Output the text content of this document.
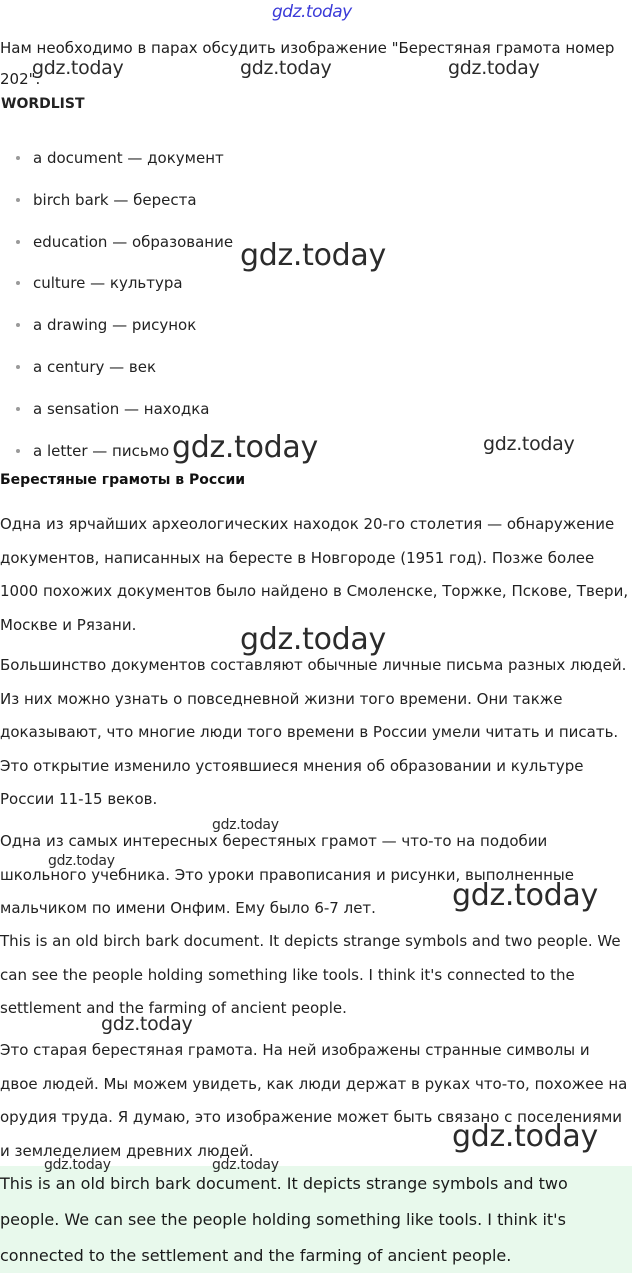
gdz.today
Нам необходимо в парах обсудить изображение "Берестяная грамота номер 202".
WORDLIST
a document — документ
birch bark — береста
education — образование
culture — культура
a drawing — рисунок
a century — век
a sensation — находка
a letter — письмо
Берестяные грамоты в России
Одна из ярчайших археологических находок 20-го столетия — обнаружение документов, написанных на бересте в Новгороде (1951 год). Позже более 1000 похожих документов было найдено в Смоленске, Торжке, Пскове, Твери, Москве и Рязани.
Большинство документов составляют обычные личные письма разных людей. Из них можно узнать о повседневной жизни того времени. Они также доказывают, что многие люди того времени в России умели читать и писать. Это открытие изменило устоявшиеся мнения об образовании и культуре России 11-15 веков.
Одна из самых интересных берестяных грамот — что-то на подобии школьного учебника. Это уроки правописания и рисунки, выполненные мальчиком по имени Онфим. Ему было 6-7 лет.
This is an old birch bark document. It depicts strange symbols and two people. We can see the people holding something like tools. I think it's connected to the settlement and the farming of ancient people.
Это старая берестяная грамота. На ней изображены странные символы и двое людей. Мы можем увидеть, как люди держат в руках что-то, похожее на орудия труда. Я думаю, это изображение может быть связано с поселениями и земледелием древних людей.
This is an old birch bark document. It depicts strange symbols and two people. We can see the people holding something like tools. I think it's connected to the settlement and the farming of ancient people.
gdz.today	gdz.today	gdz.today
gdz.today
gdz.today	gdz.today
gdz.today
gdz.today
gdz.today
gdz.today
gdz.today
gdz.today
gdz.today	gdz.today
